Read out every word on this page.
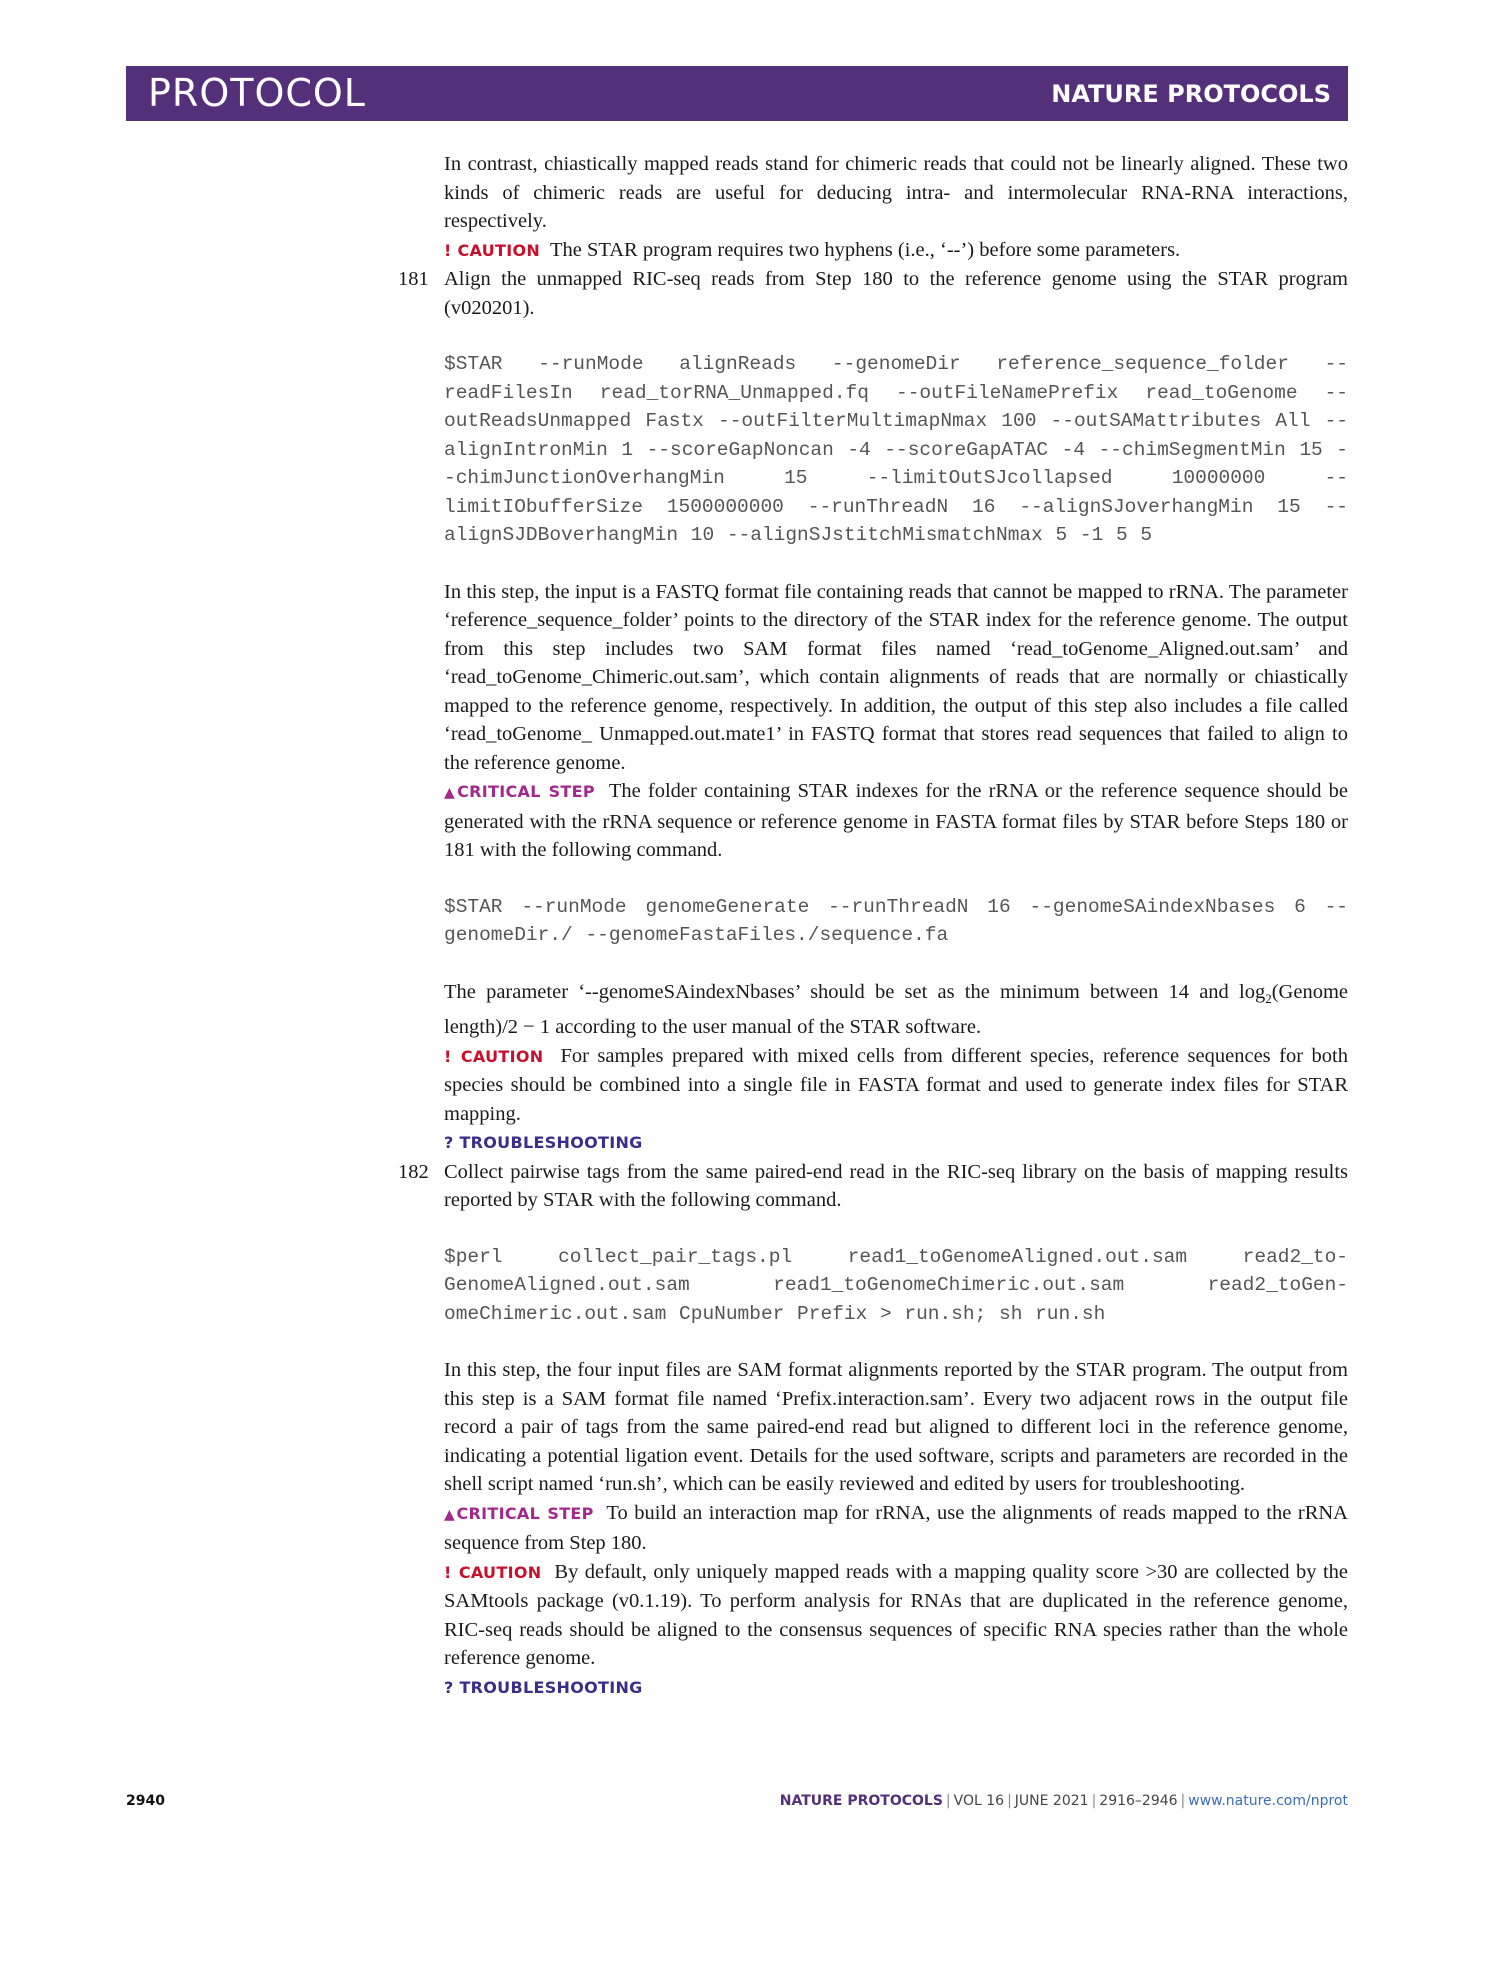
PROTOCOL	NATURE PROTOCOLS

In contrast, chiastically mapped reads stand for chimeric reads that could not be linearly aligned. These two kinds of chimeric reads are useful for deducing intra- and intermolecular RNA-RNA interactions, respectively.

! CAUTION The STAR program requires two hyphens (i.e., ‘--’) before some parameters.

181 Align the unmapped RIC-seq reads from Step 180 to the reference genome using the STAR program (v020201).

$STAR --runMode alignReads --genomeDir reference_sequence_folder --readFilesIn read_torRNA_Unmapped.fq --outFileNamePrefix read_toGenome --outReadsUnmapped Fastx --outFilterMultimapNmax 100 --outSAMattributes All --alignIntronMin 1 --scoreGapNoncan -4 --scoreGapATAC -4 --chimSegmentMin 15 --chimJunctionOverhangMin 15 --limitOutSJcollapsed 10000000 --limitIObufferSize 1500000000 --runThreadN 16 --alignSJoverhangMin 15 --alignSJDBoverhangMin 10 --alignSJstitchMismatchNmax 5 -1 5 5

In this step, the input is a FASTQ format file containing reads that cannot be mapped to rRNA. The parameter ‘reference_sequence_folder’ points to the directory of the STAR index for the reference genome. The output from this step includes two SAM format files named ‘read_toGenome_Aligned.out.sam’ and ‘read_toGenome_Chimeric.out.sam’, which contain alignments of reads that are normally or chiastically mapped to the reference genome, respectively. In addition, the output of this step also includes a file called ‘read_toGenome_ Unmapped.out.mate1’ in FASTQ format that stores read sequences that failed to align to the reference genome.

▲CRITICAL STEP The folder containing STAR indexes for the rRNA or the reference sequence should be generated with the rRNA sequence or reference genome in FASTA format files by STAR before Steps 180 or 181 with the following command.

$STAR --runMode genomeGenerate --runThreadN 16 --genomeSAindexNbases 6 --genomeDir./ --genomeFastaFiles./sequence.fa

The parameter ‘--genomeSAindexNbases’ should be set as the minimum between 14 and $\log_2(Genome$ length)/2 − 1 according to the user manual of the STAR software.

! CAUTION For samples prepared with mixed cells from different species, reference sequences for both species should be combined into a single file in FASTA format and used to generate index files for STAR mapping.

? TROUBLESHOOTING

182 Collect pairwise tags from the same paired-end read in the RIC-seq library on the basis of mapping results reported by STAR with the following command.

$perl collect_pair_tags.pl read1_toGenomeAligned.out.sam read2_toGenomeAligned.out.sam read1_toGenomeChimeric.out.sam read2_toGenomeChimeric.out.sam CpuNumber Prefix > run.sh; sh run.sh

In this step, the four input files are SAM format alignments reported by the STAR program. The output from this step is a SAM format file named ‘Prefix.interaction.sam’. Every two adjacent rows in the output file record a pair of tags from the same paired-end read but aligned to different loci in the reference genome, indicating a potential ligation event. Details for the used software, scripts and parameters are recorded in the shell script named ‘run.sh’, which can be easily reviewed and edited by users for troubleshooting.

▲CRITICAL STEP To build an interaction map for rRNA, use the alignments of reads mapped to the rRNA sequence from Step 180.

! CAUTION By default, only uniquely mapped reads with a mapping quality score >30 are collected by the SAMtools package (v0.1.19). To perform analysis for RNAs that are duplicated in the reference genome, RIC-seq reads should be aligned to the consensus sequences of specific RNA species rather than the whole reference genome.

? TROUBLESHOOTING

2940	NATURE PROTOCOLS | VOL 16 | JUNE 2021 | 2916–2946 | www.nature.com/nprot
